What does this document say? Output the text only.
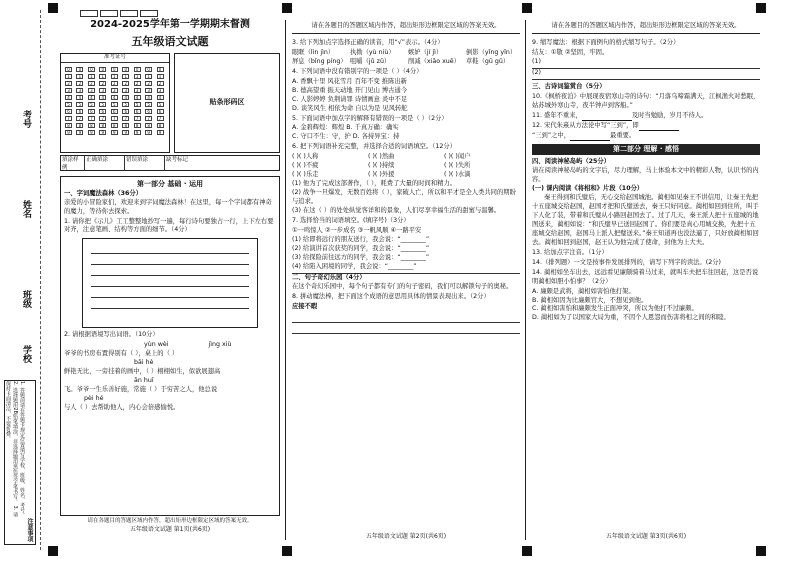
考号
姓名
班级
学校
1. 答题前请在答题卡规定位置填写学校、班级、姓名、考号。 2. 选择题用2B铅笔填涂，非选择题用黑色签字笔书写。 3. 请保持卡面清洁，不要折叠。
注意事项
2024-2025学年第一学期期末督测
五年级语文试题
准考证号
0	0	0	0	0	0	0	0	0
1	1	1	1	1	1	1	1	1
2	2	2	2	2	2	2	2	2
3	3	3	3	3	3	3	3	3
4	4	4	4	4	4	4	4	4
5	5	5	5	5	5	5	5	5
6	6	6	6	6	6	6	6	6
7	7	7	7	7	7	7	7	7
8	8	8	8	8	8	8	8	8
9	9	9	9	9	9	9	9	9
贴条形码区
填涂样例
正确填涂	错误填涂	缺考标记
第一部分 基础 · 运用
一、字词魔法森林（36分）
亲爱的小冒险家们，欢迎来到字词魔法森林！在这里，每一个字词都有神奇的魔力，等待你去探索。
1. 请你把《示儿》工工整整地抄写一遍，每行诗句要独占一行，上下左右要对齐，注意笔画、结构等方面的细节。（4分）
2. 请根据语境写出词语。（10分）
yùn wèi	jìng xiù
爷爷的书房布置得别有（ ），桌上的（ ）
bāi hè
鲜艳无比，一旁挂着的画中，（ ）栩栩如生，似欲展翅高
ān huī
飞。爷爷一生乐善好施，常施（ ）于穷苦之人，他总说
pèi hé
与人（ ）去帮助他人，内心会倍感愉悦。
请在各题目的答题区域内作答，超出矩形边框限定区域的答案无效。
五年级语文试题 第1页(共6页)
请在各题目的答题区域内作答，超出矩形边框限定区域的答案无效。
3. 给下列加点字选择正确的读音，用“√”表示。（4分）
眼眶（lìn jìn）	执拗（yù niù）	嫉妒（jí jì）	倒影（yǐng yǐn）
屏息（bǐng píng） 咀嚼（jǔ zǔ）	削减（xiāo xuē） 草鞋（gū gǔ）
4. 下列词语中没有错别字的一项是（ ）（4分）
A. 香飘十里 风花雪月 百年不变 推陈出新
B. 德高望重 振天动地 开门见山 博古通今
C. 人影婷婷 负荆请罪 诗情画意 炎中不足
D. 谈笑风生 相依为命 自以为是 见风转舵
5. 下面词语中加点字的解释有错误的一项是（ ）（2分）
A. 金碧辉煌：辉煌 B. 千真万确：确实
C. 守口不生：守，护 D. 各持异宝：持
6. 把下列词语补充完整，并选择合适的词语填空。（12分）
( )( )人称	( )( )然曲	( )( )闻户
( )( )不疲	( )( )持续	( )( )失所
( )( )乐走	( )( )外援	( )( )水滴
(1) 他为了完成这部著作，（ ），耗费了大量的时间和精力。
(2) 战争一旦爆发，无数百姓将（ ），家破人亡，所以和平才是全人类共同的期盼与追求。
(3) 在这（ ）的处处纵觉客详和的景象，人们尽享幸福生活的甜蜜与温馨。
7. 选择恰当的词语填空。(填序号)（3分）
①一鸣惊人 ②一步成名 ③一帆风顺 ④一路平安
(1) 给即将远行的朋友送行，我会说：“________”
(2) 给演讲首次获奖的同学，我会说：“________”
(3) 给探险前往远方的同学，我会说：“________”
(4) 给陷入困境的同学，我会说：“________”
二、句子奇幻乐园（4分）
在这个奇幻乐园中，每个句子都有专门的句子密码，我们可以解锁句子的奥秘。
8. 拼动魔法棒，把下面这个成语的意思用具体的情景表现出来。（2分）
应接不暇
五年级语文试题 第2页(共6页)
请在各题目的答题区域内作答，超出矩形边框限定区域的答案无效。
9. 缩写魔法：根据下面例句的格式缩写句子。（2分）
结友：①敬 ②坚固，牢固。
(1)
(2)
三、古诗词鉴赏台（5分）
10.《枫桥夜泊》中展现夜宿寒山寺的诗句：“月落乌啼霜满天，江枫渔火对愁眠，姑苏城外寒山寺，夜半钟声到客船。”
11. 盛年不重来，	及时当勉励，岁月不待人。
12. 宋代朱熹从方法论中写“三到”，即
“三到”之中，	最重要。
第二部分 理解 · 感悟
四、阅读神秘岛屿（25分）
请在阅读神秘岛屿的文字后，尽力理解，马上体验本文中的精彩人物，认识书的内容。
(一) 课内阅读《将相和》片段（10分）
秦王得到和氏璧后，无心交给赵国城池。蔺相如见秦王不讲信用，让秦王先把十五座城交给赵国，赵国才把和氏璧送去，秦王只好同意。蔺相如回到住所，叫手下人化了装，带着和氏璧从小路回赵国去了。过了几天，秦王派人把十五座城的地图送来，蔺相如说：“和氏璧早已送回赵国了。你们要是真心用城交换，先把十五座城交给赵国，赵国马上派人把璧送来。”秦王知道再也没法逼了，只好放蔺相如回去。蔺相如回到赵国，赵王认为他完成了使命，封他为上大夫。
13. 给加点字注音。（1分）
14.（排列题）一文是按事件发展排列的，请写下列字的读法。(2分)
14. 蔺相如坐车出去，远远看见廉颇骑着马过来，就叫车夫把车往回赶，这是否说明蔺相如胆小怕事？（2分）
A. 廉颇是武将，蔺相如害怕他打架。
B. 蔺相如因为比廉颇官大，不想见到他。
C. 蔺相如害怕和廉颇发生正面冲突，所以为他打不过廉颇。
D. 蔺相如为了以国家大局为重，不因个人恩怨而伤害将相之间的和睦。
五年级语文试题 第3页(共6页)
